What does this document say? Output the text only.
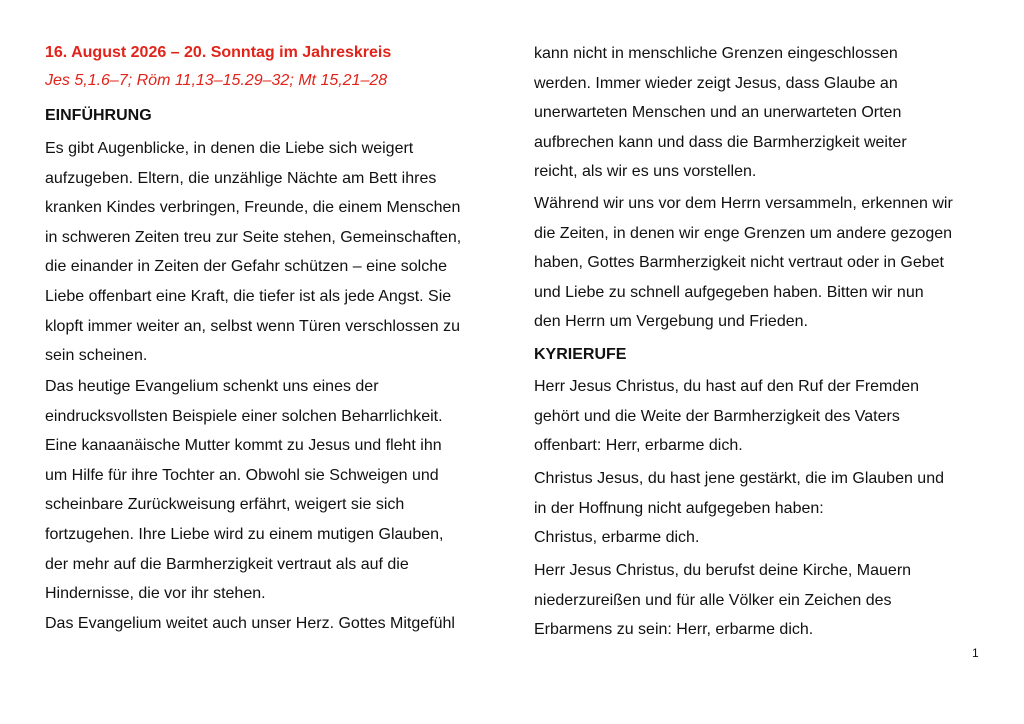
16. August 2026 – 20. Sonntag im Jahreskreis
Jes 5,1.6–7; Röm 11,13–15.29–32; Mt 15,21–28
EINFÜHRUNG

Es gibt Augenblicke, in denen die Liebe sich weigert
aufzugeben. Eltern, die unzählige Nächte am Bett ihres
kranken Kindes verbringen, Freunde, die einem Menschen
in schweren Zeiten treu zur Seite stehen, Gemeinschaften,
die einander in Zeiten der Gefahr schützen – eine solche
Liebe offenbart eine Kraft, die tiefer ist als jede Angst. Sie
klopft immer weiter an, selbst wenn Türen verschlossen zu
sein scheinen.

Das heutige Evangelium schenkt uns eines der
eindrucksvollsten Beispiele einer solchen Beharrlichkeit.
Eine kanaanäische Mutter kommt zu Jesus und fleht ihn
um Hilfe für ihre Tochter an. Obwohl sie Schweigen und
scheinbare Zurückweisung erfährt, weigert sie sich
fortzugehen. Ihre Liebe wird zu einem mutigen Glauben,
der mehr auf die Barmherzigkeit vertraut als auf die
Hindernisse, die vor ihr stehen.

Das Evangelium weitet auch unser Herz. Gottes Mitgefühl

kann nicht in menschliche Grenzen eingeschlossen
werden. Immer wieder zeigt Jesus, dass Glaube an
unerwarteten Menschen und an unerwarteten Orten
aufbrechen kann und dass die Barmherzigkeit weiter
reicht, als wir es uns vorstellen.

Während wir uns vor dem Herrn versammeln, erkennen wir
die Zeiten, in denen wir enge Grenzen um andere gezogen
haben, Gottes Barmherzigkeit nicht vertraut oder in Gebet
und Liebe zu schnell aufgegeben haben. Bitten wir nun
den Herrn um Vergebung und Frieden.

KYRIERUFE

Herr Jesus Christus, du hast auf den Ruf der Fremden
gehört und die Weite der Barmherzigkeit des Vaters
offenbart: Herr, erbarme dich.

Christus Jesus, du hast jene gestärkt, die im Glauben und
in der Hoffnung nicht aufgegeben haben:
Christus, erbarme dich.

Herr Jesus Christus, du berufst deine Kirche, Mauern
niederzureißen und für alle Völker ein Zeichen des
Erbarmens zu sein: Herr, erbarme dich.

1
